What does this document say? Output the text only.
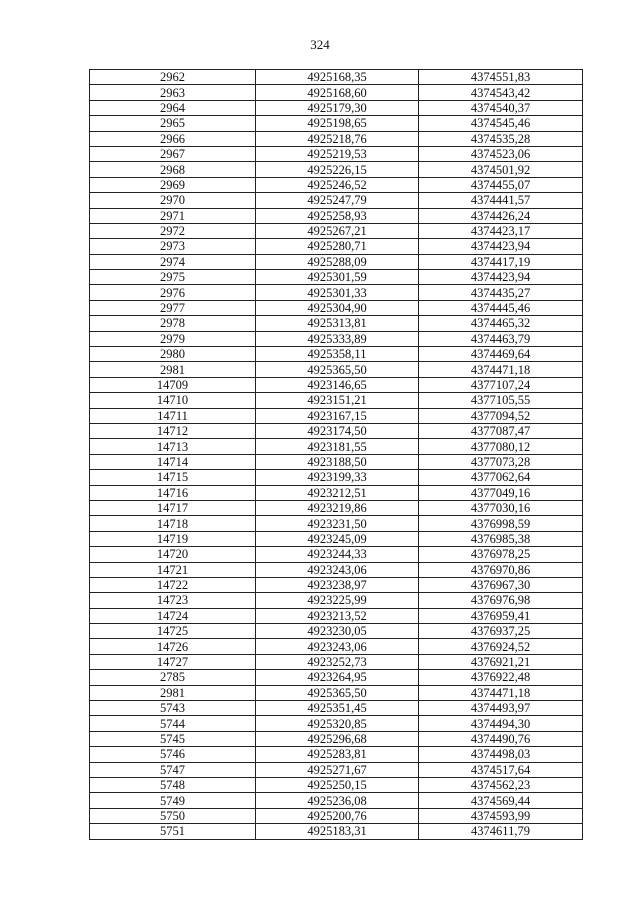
324
2962	4925168,35	4374551,83
2963	4925168,60	4374543,42
2964	4925179,30	4374540,37
2965	4925198,65	4374545,46
2966	4925218,76	4374535,28
2967	4925219,53	4374523,06
2968	4925226,15	4374501,92
2969	4925246,52	4374455,07
2970	4925247,79	4374441,57
2971	4925258,93	4374426,24
2972	4925267,21	4374423,17
2973	4925280,71	4374423,94
2974	4925288,09	4374417,19
2975	4925301,59	4374423,94
2976	4925301,33	4374435,27
2977	4925304,90	4374445,46
2978	4925313,81	4374465,32
2979	4925333,89	4374463,79
2980	4925358,11	4374469,64
2981	4925365,50	4374471,18
14709	4923146,65	4377107,24
14710	4923151,21	4377105,55
14711	4923167,15	4377094,52
14712	4923174,50	4377087,47
14713	4923181,55	4377080,12
14714	4923188,50	4377073,28
14715	4923199,33	4377062,64
14716	4923212,51	4377049,16
14717	4923219,86	4377030,16
14718	4923231,50	4376998,59
14719	4923245,09	4376985,38
14720	4923244,33	4376978,25
14721	4923243,06	4376970,86
14722	4923238,97	4376967,30
14723	4923225,99	4376976,98
14724	4923213,52	4376959,41
14725	4923230,05	4376937,25
14726	4923243,06	4376924,52
14727	4923252,73	4376921,21
2785	4923264,95	4376922,48
2981	4925365,50	4374471,18
5743	4925351,45	4374493,97
5744	4925320,85	4374494,30
5745	4925296,68	4374490,76
5746	4925283,81	4374498,03
5747	4925271,67	4374517,64
5748	4925250,15	4374562,23
5749	4925236,08	4374569,44
5750	4925200,76	4374593,99
5751	4925183,31	4374611,79
